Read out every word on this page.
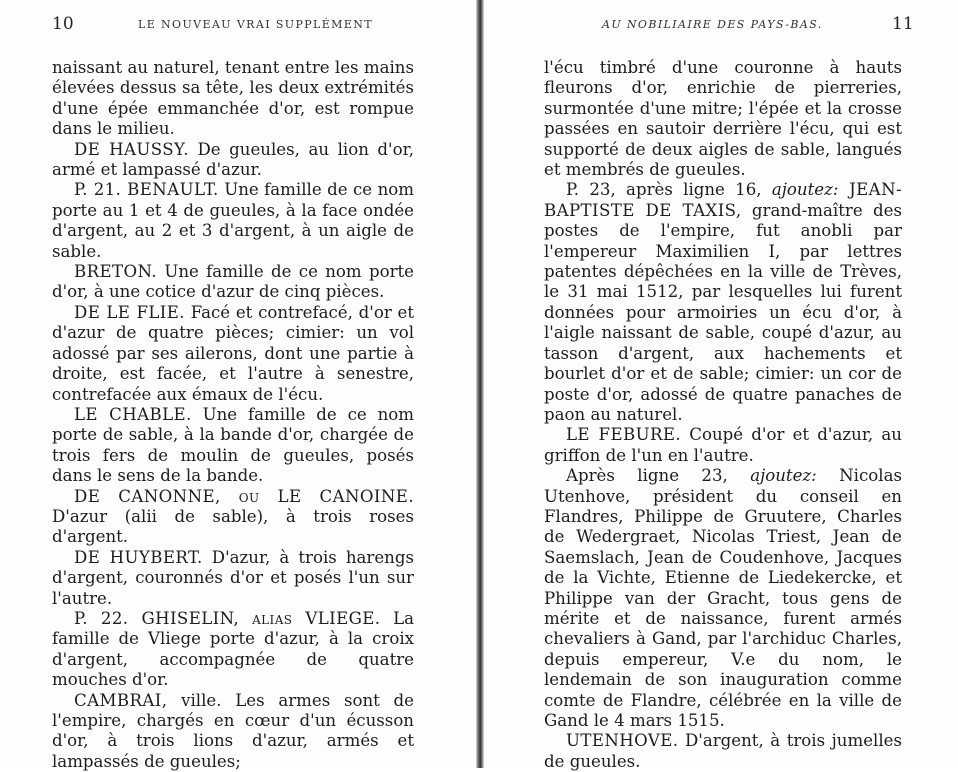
10	LE NOUVEAU VRAI SUPPLÉMENT

naissant au naturel, tenant entre les mains élevées dessus sa tête, les deux extrémités d'une épée emmanchée d'or, est rompue dans le milieu.

DE HAUSSY. De gueules, au lion d'or, armé et lampassé d'azur.

P. 21. BENAULT. Une famille de ce nom porte au 1 et 4 de gueules, à la face ondée d'argent, au 2 et 3 d'argent, à un aigle de sable.

BRETON. Une famille de ce nom porte d'or, à une cotice d'azur de cinq pièces.

DE LE FLIE. Facé et contrefacé, d'or et d'azur de quatre pièces; cimier: un vol adossé par ses ailerons, dont une partie à droite, est facée, et l'autre à senestre, contrefacée aux émaux de l'écu.

LE CHABLE. Une famille de ce nom porte de sable, à la bande d'or, chargée de trois fers de moulin de gueules, posés dans le sens de la bande.

DE CANONNE, ou LE CANOINE. D'azur (alii de sable), à trois roses d'argent.

DE HUYBERT. D'azur, à trois harengs d'argent, couronnés d'or et posés l'un sur l'autre.

P. 22. GHISELIN, alias VLIEGE. La famille de Vliege porte d'azur, à la croix d'argent, accompagnée de quatre mouches d'or.

CAMBRAI, ville. Les armes sont de l'empire, chargés en cœur d'un écusson d'or, à trois lions d'azur, armés et lampassés de gueules;

AU NOBILIAIRE DES PAYS-BAS.	11

l'écu timbré d'une couronne à hauts fleurons d'or, enrichie de pierreries, surmontée d'une mitre; l'épée et la crosse passées en sautoir derrière l'écu, qui est supporté de deux aigles de sable, langués et membrés de gueules.

P. 23, après ligne 16, ajoutez: JEAN-BAPTISTE DE TAXIS, grand-maître des postes de l'empire, fut anobli par l'empereur Maximilien I, par lettres patentes dépêchées en la ville de Trèves, le 31 mai 1512, par lesquelles lui furent données pour armoiries un écu d'or, à l'aigle naissant de sable, coupé d'azur, au tasson d'argent, aux hachements et bourlet d'or et de sable; cimier: un cor de poste d'or, adossé de quatre panaches de paon au naturel.

LE FEBURE. Coupé d'or et d'azur, au griffon de l'un en l'autre.

Après ligne 23, ajoutez: Nicolas Utenhove, président du conseil en Flandres, Philippe de Gruutere, Charles de Wedergraet, Nicolas Triest, Jean de Saemslach, Jean de Coudenhove, Jacques de la Vichte, Etienne de Liedekercke, et Philippe van der Gracht, tous gens de mérite et de naissance, furent armés chevaliers à Gand, par l'archiduc Charles, depuis empereur, V.e du nom, le lendemain de son inauguration comme comte de Flandre, célébrée en la ville de Gand le 4 mars 1515.

UTENHOVE. D'argent, à trois jumelles de gueules.
